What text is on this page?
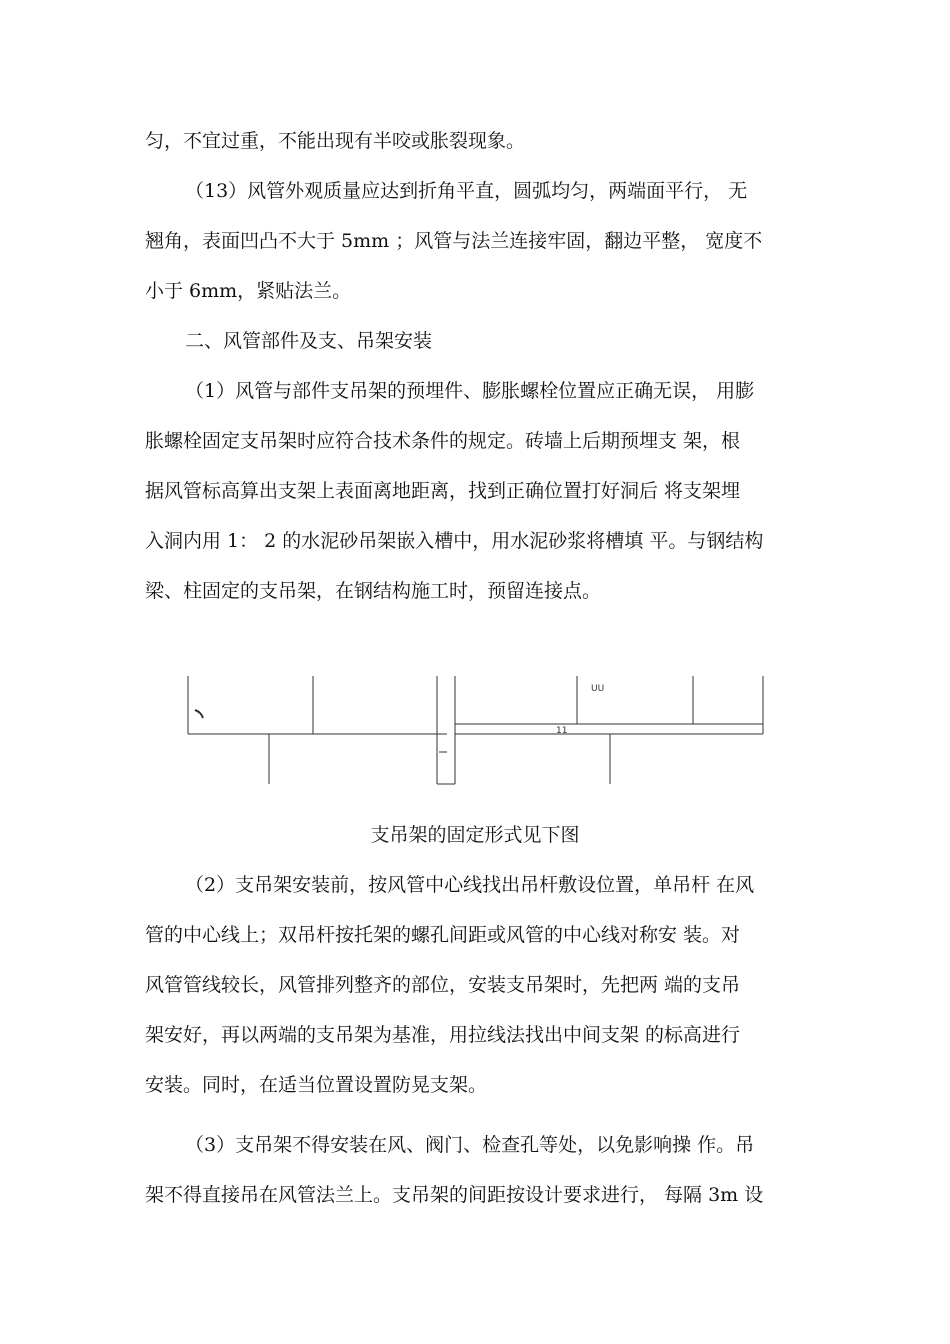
匀，不宜过重，不能出现有半咬或胀裂现象。
（13）风管外观质量应达到折角平直，圆弧均匀，两端面平行， 无
翘角，表面凹凸不大于 5mm ；风管与法兰连接牢固，翻边平整， 宽度不
小于 6mm，紧贴法兰。
二、风管部件及支、吊架安装
（1）风管与部件支吊架的预埋件、膨胀螺栓位置应正确无误， 用膨
胀螺栓固定支吊架时应符合技术条件的规定。砖墙上后期预埋支 架，根
据风管标高算出支架上表面离地距离，找到正确位置打好洞后 将支架埋
入洞内用 1： 2 的水泥砂吊架嵌入槽中，用水泥砂浆将槽填 平。与钢结构
梁、柱固定的支吊架，在钢结构施工时，预留连接点。
UU
11
支吊架的固定形式见下图
（2）支吊架安装前，按风管中心线找出吊杆敷设位置，单吊杆 在风
管的中心线上；双吊杆按托架的螺孔间距或风管的中心线对称安 装。对
风管管线较长，风管排列整齐的部位，安装支吊架时，先把两 端的支吊
架安好，再以两端的支吊架为基准，用拉线法找出中间支架 的标高进行
安装。同时，在适当位置设置防晃支架。
（3）支吊架不得安装在风、阀门、检查孔等处，以免影响操 作。吊
架不得直接吊在风管法兰上。支吊架的间距按设计要求进行， 每隔 3m 设
